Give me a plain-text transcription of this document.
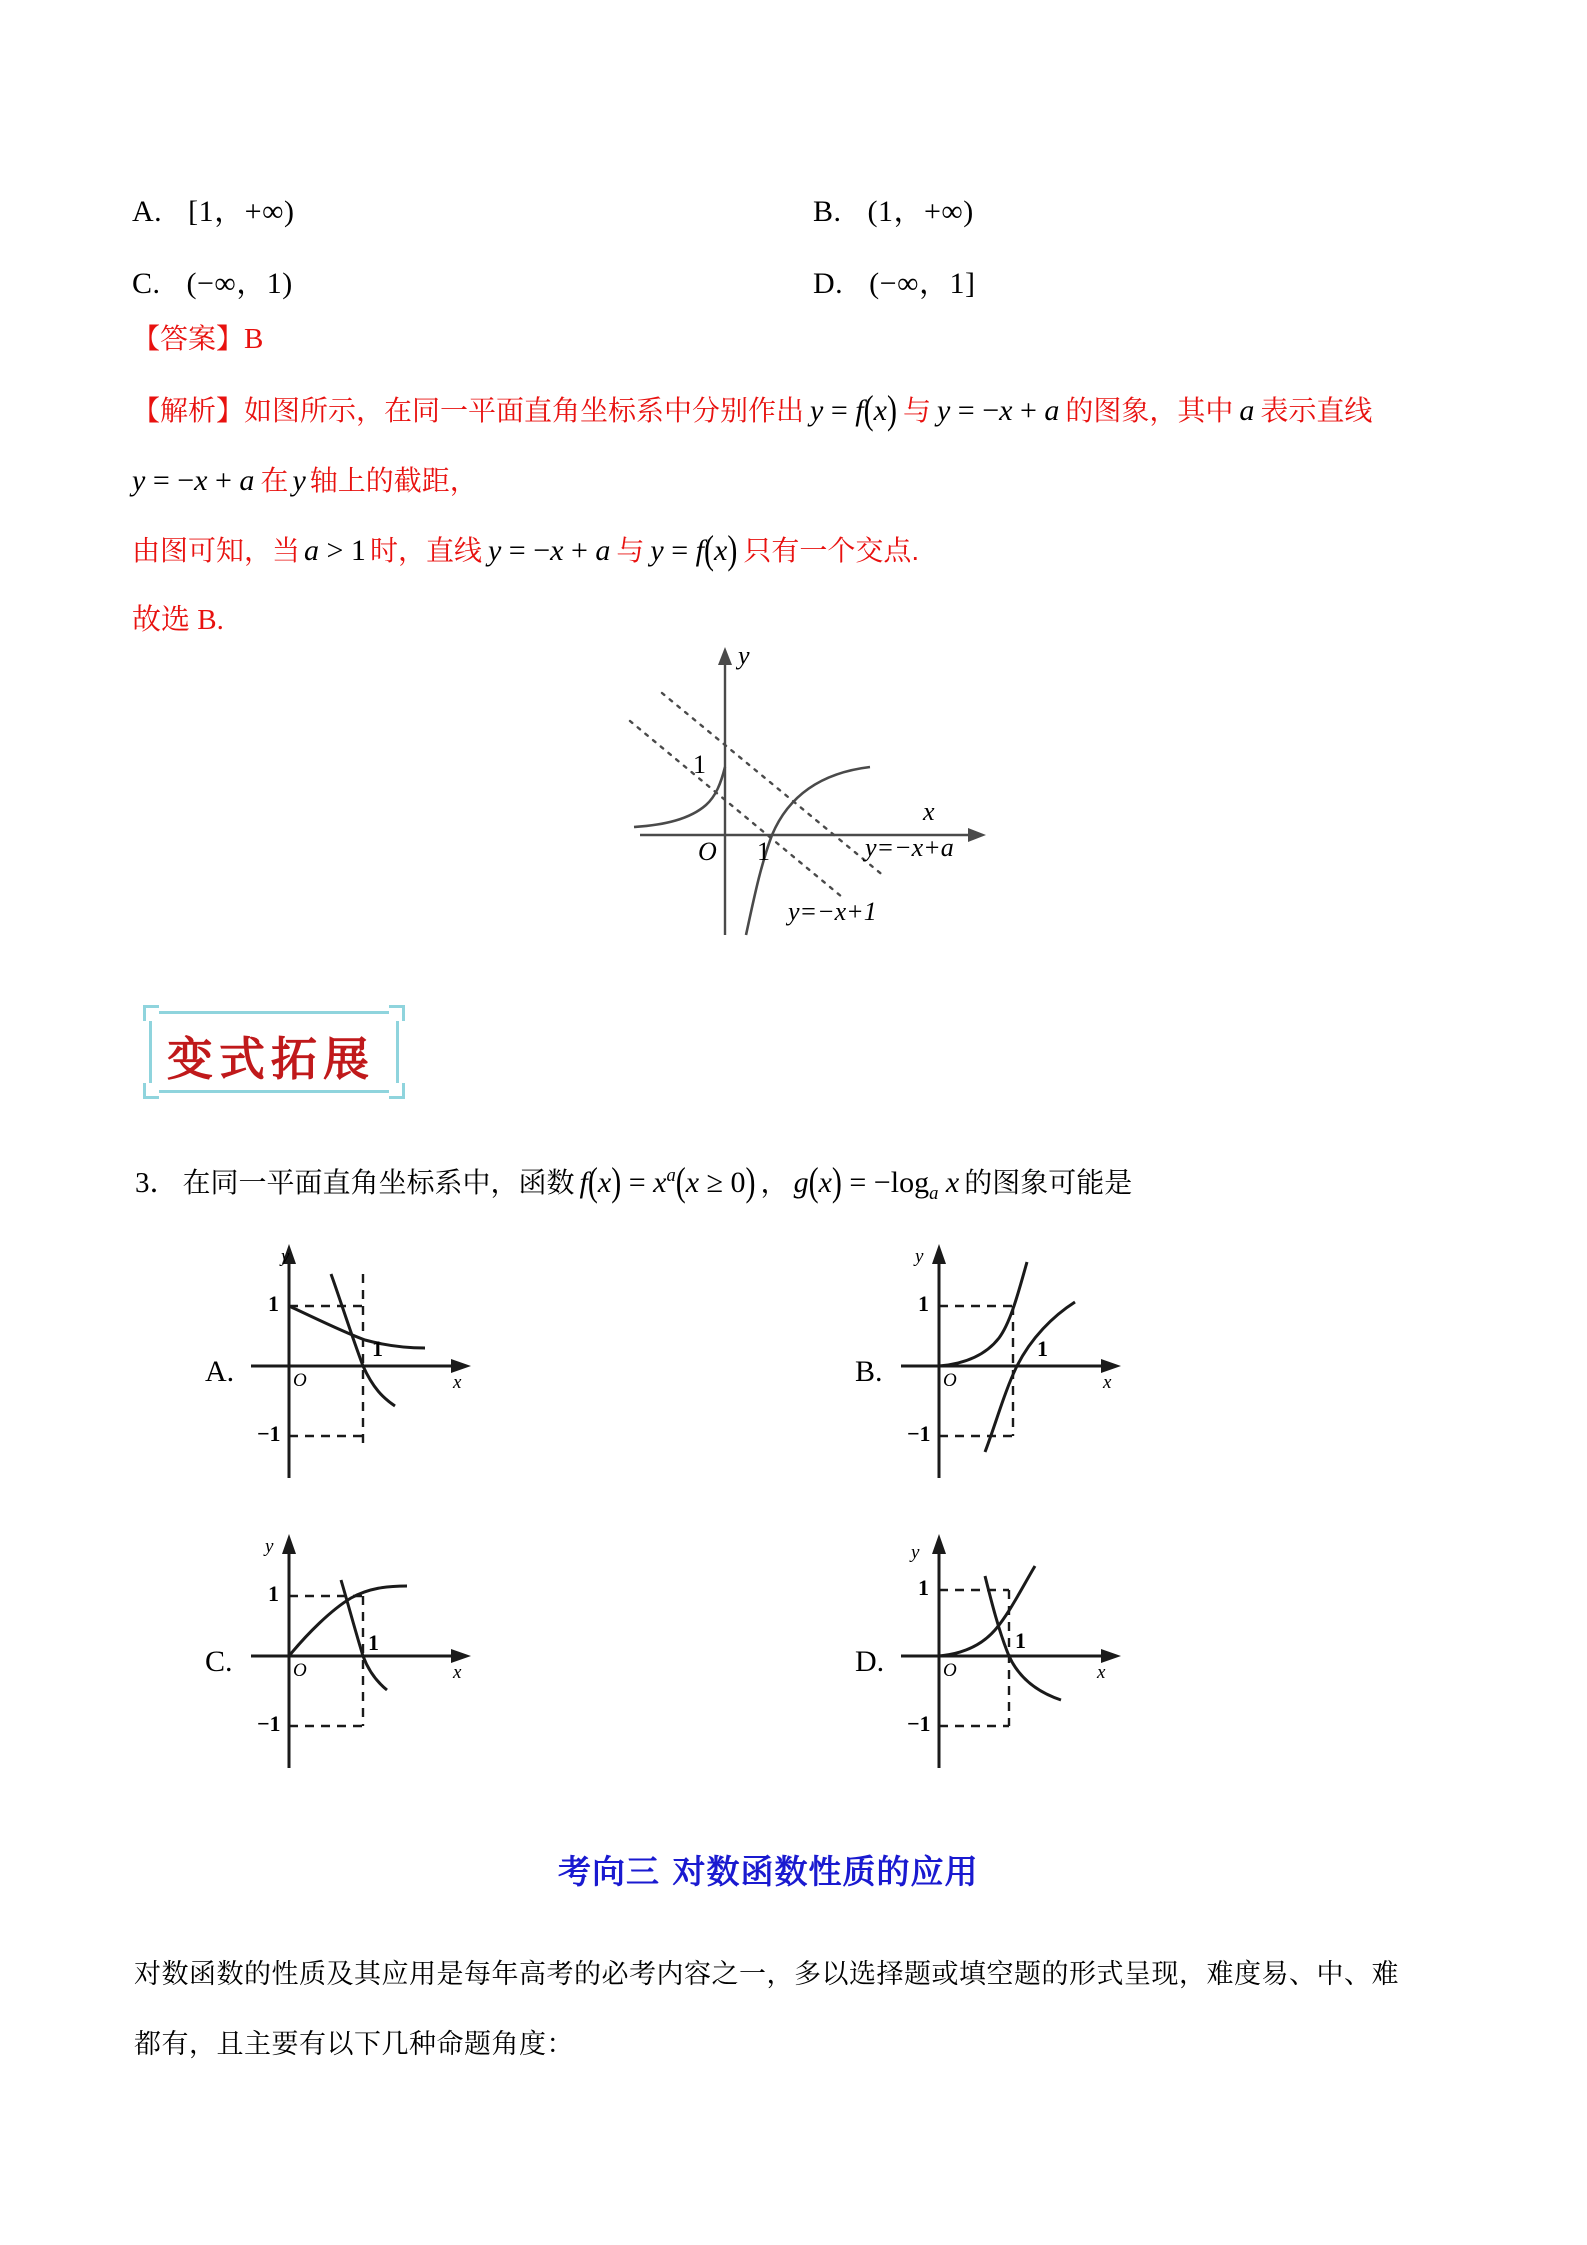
A. [1，+∞)	B. (1，+∞)
C. (−∞，1)	D. (−∞，1]
【答案】B
【解析】如图所示，在同一平面直角坐标系中分别作出 y = f(x) 与 y = −x + a 的图象，其中 a 表示直线
y = −x + a 在 y 轴上的截距，
由图可知，当 a > 1 时，直线 y = −x + a 与 y = f(x) 只有一个交点.
故选 B.
y
x
O
1
1	y=−x+a
y=−x+1
变式拓展
3． 在同一平面直角坐标系中，函数 $f(x) = x^a(x \ge 0)$ ， $g(x) = -\log_a$ x 的图象可能是
A.
y
x
O
1
−1
1
B.
y
x
O
1
−1
1
C.
y
x
O
1
−1
1
D.
y
x
O
1
−1
1
考向三 对数函数性质的应用
对数函数的性质及其应用是每年高考的必考内容之一，多以选择题或填空题的形式呈现，难度易、中、难
都有，且主要有以下几种命题角度：
